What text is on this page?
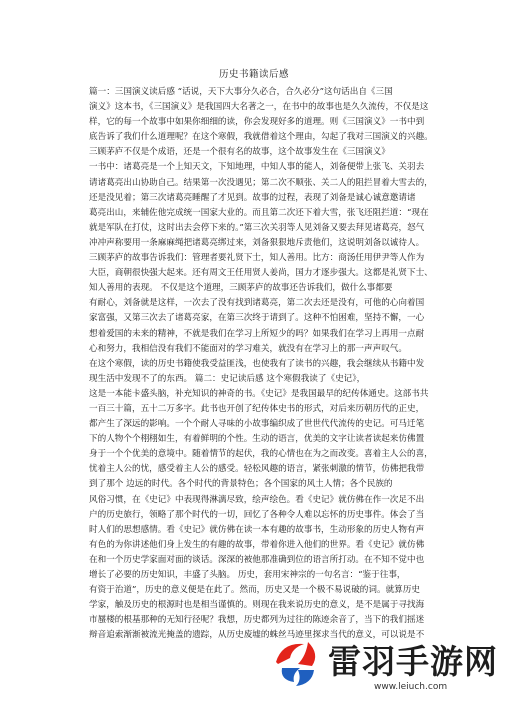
历史书籍读后感
篇一：三国演义读后感 “话说，天下大事分久必合，合久必分”这句话出自《三国
演义》这本书，《三国演义》是我国四大名著之一，在书中的故事也是久久流传，不仅是这
样，它的每一个故事中如果你细细的读，你会发现好多的道理。则《三国演义》一书中到
底告诉了我们什么道理呢？在这个寒假，我就借着这个理由，勾起了我对三国演义的兴趣。
三顾茅庐不仅是个成语，还是一个很有名的故事，这个故事发生在《三国演义》
一书中：诸葛亮是一个上知天文，下知地理，中知人事的能人，刘备便带上张飞、关羽去
请诸葛亮出山协助自己。结果第一次没遇见；第二次不顺张、关二人的阻拦冒着大雪去的，
还是没见着；第三次诸葛亮睡醒了才见到。故事的过程，表现了刘备是诚心诚意邀请诸
葛亮出山，来辅佐他完成统一国家大业的。而且第二次还下着大雪，张飞还阻拦道：“现在
就是军队在打仗，这时出去会停下来的。”第三次关羽等人见刘备又要去拜见诸葛亮，怒气
冲冲声称要用一条麻麻绳把诸葛亮绑过来，刘备狠狠地斥责他们，这说明刘备以诚待人。
三顾茅庐的故事告诉我们：管理者要礼贤下士，知人善用。比方：商汤任用伊尹等人作为
大臣，商朝很快强大起来。还有周文王任用贤人姜尚，国力才逐步强大。这都是礼贤下士、
知人善用的表现。 不仅是这个道理，三顾茅庐的故事还告诉我们，做什么事都要
有耐心，刘备就是这样，一次去了没有找到诸葛亮，第二次去还是没有，可他的心向着国
家富强，又第三次去了诸葛亮家，在第三次终于请到了。这种不怕困难，坚持不懈，一心
想着爱国的未来的精神，不就是我们在学习上所短少的吗？如果我们在学习上再用一点耐
心和努力，我相信没有我们不能面对的学习难关，就没有在学习上的那一声声叹气。
在这个寒假，读的历史书籍使我受益匪浅，也使我有了读书的兴趣，我会继续从书籍中发
现生活中发现不了的东西。 篇二：史记读后感 这个寒假我读了《史记》，
这是一本能卡盛头脑，补充知识的神奇的书。《史记》是我国最早的纪传体通史。这部书共
一百三十篇，五十二万多字。此书也开创了纪传体史书的形式，对后来历朝历代的正史，
都产生了深远的影响。一个个耐人寻味的小故事编织成了世世代代流传的史记。可马迁笔
下的人物个个栩栩如生，有着鲜明的个性。生动的语言，优美的文字让读者读起来仿佛置
身于一个个优美的意境中。随着情节的起伏，我的心情也在为之而改变。喜着主人公的喜，
忧着主人公的忧，感受着主人公的感受。轻松风趣的语言，紧张刺激的情节，仿佛把我带
到了那个 边远的时代。各个时代的背景特色；各个国家的风土人情；各个民族的
风俗习惯，在《史记》中表现得淋漓尽致，绘声绘色。看《史记》就仿佛在作一次足不出
户的历史旅行，领略了那个时代的一切，回忆了各种令人难以忘怀的历史事件。体会了当
时人们的思想感情。看《史记》就仿佛在读一本有趣的故事书，生动形象的历史人物有声
有色的为你讲述他们身上发生的有趣的故事，带着你进入他们的世界。看《史记》就仿佛
在和一个历史学家面对面的谈话。深深的被他那准确到位的语言所打动。在不知不觉中也
增长了必要的历史知识，丰盛了头脑。 历史，套用宋神宗的一句名言：“鉴于往事，
有资于治道”，历史的意义便是在此了。然而，历史又是一个极不易说破的词。就算历史
学家，触及历史的根源时也是相当谨慎的。则现在我来说历史的意义，是不是属于寻找海
市蜃楼的根基那种的无知行径呢？我想，历史都列为过往的陈迹余音了，当下的我们摇迷
辩音追索渐渐被流光掩盖的遗踪，从历史废墟的蛛丝马迹里探求当代的意义，可以说是不
雷羽手游网
www.leiuch.com
